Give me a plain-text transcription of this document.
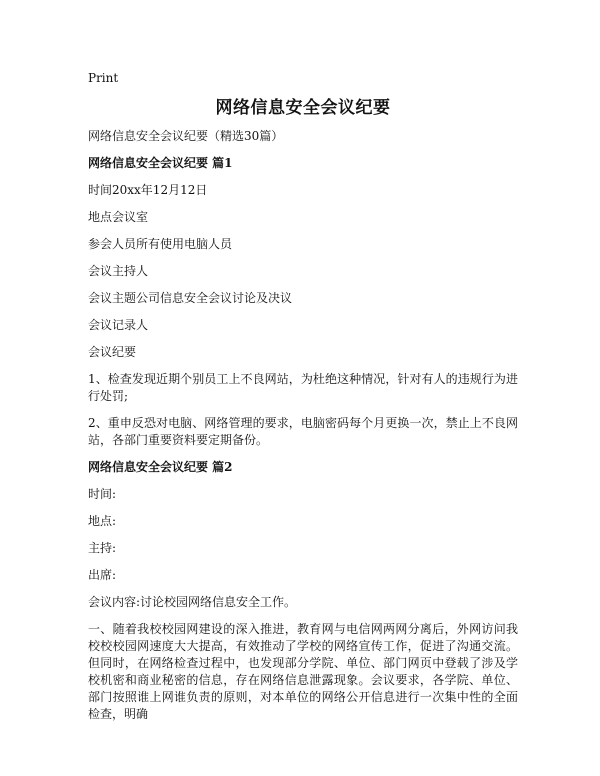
Print
网络信息安全会议纪要

网络信息安全会议纪要（精选30篇）

网络信息安全会议纪要 篇1

时间20xx年12月12日

地点会议室

参会人员所有使用电脑人员

会议主持人

会议主题公司信息安全会议讨论及决议

会议记录人

会议纪要

1、检查发现近期个别员工上不良网站，为杜绝这种情况，针对有人的违规行为进行处罚;

2、重申反恐对电脑、网络管理的要求，电脑密码每个月更换一次，禁止上不良网站，各部门重要资料要定期备份。

网络信息安全会议纪要 篇2

时间:

地点:

主持:

出席:

会议内容:讨论校园网络信息安全工作。

一、随着我校校园网建设的深入推进，教育网与电信网两网分离后，外网访问我校校校园网速度大大提高，有效推动了学校的网络宣传工作，促进了沟通交流。但同时，在网络检查过程中，也发现部分学院、单位、部门网页中登载了涉及学校机密和商业秘密的信息，存在网络信息泄露现象。会议要求，各学院、单位、部门按照谁上网谁负责的原则，对本单位的网络公开信息进行一次集中性的全面检查，明确
